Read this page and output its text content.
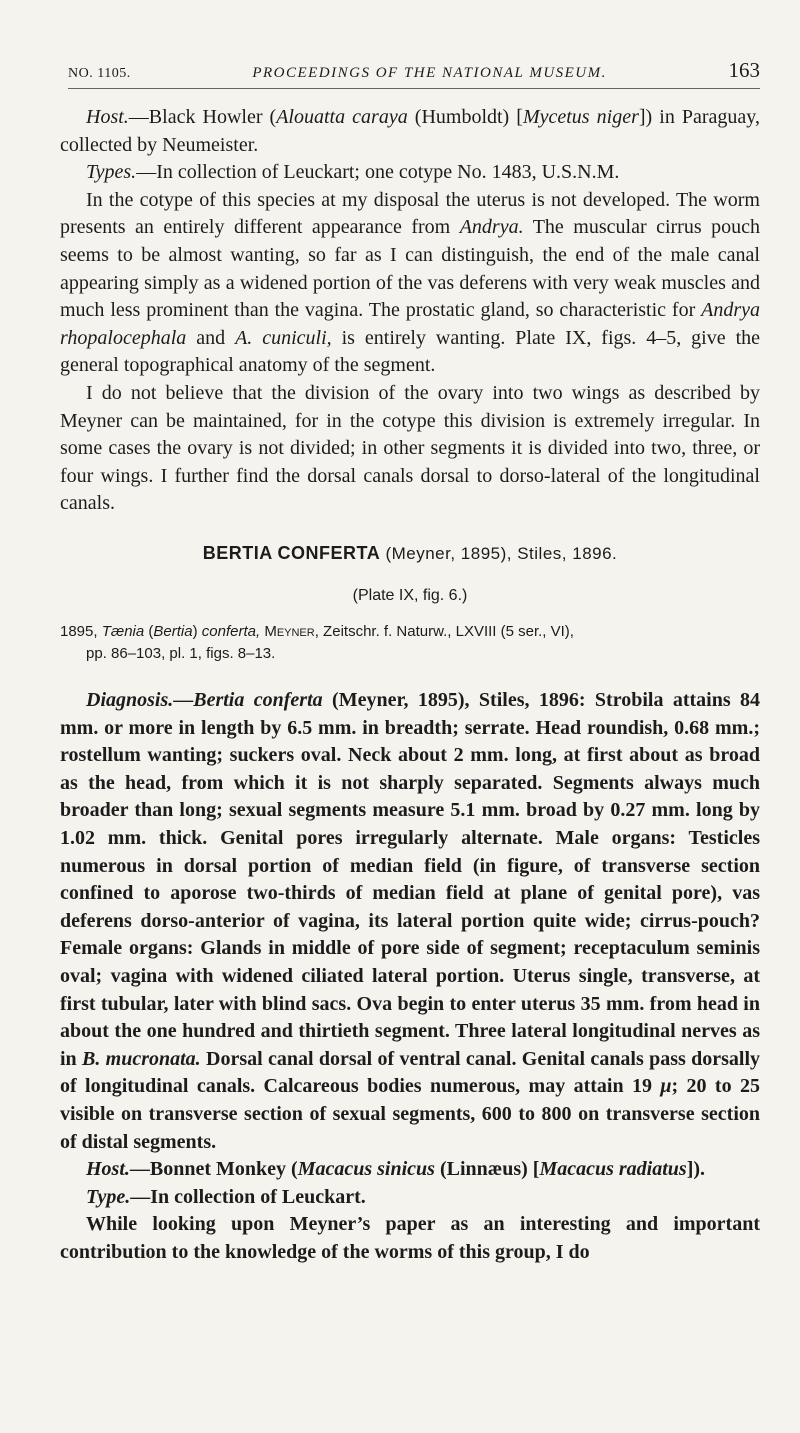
NO. 1105.	PROCEEDINGS OF THE NATIONAL MUSEUM.	163

Host.—Black Howler (Alouatta caraya (Humboldt) [Mycetus niger]) in Paraguay, collected by Neumeister.

Types.—In collection of Leuckart; one cotype No. 1483, U.S.N.M.

In the cotype of this species at my disposal the uterus is not developed. The worm presents an entirely different appearance from Andrya. The muscular cirrus pouch seems to be almost wanting, so far as I can distinguish, the end of the male canal appearing simply as a widened portion of the vas deferens with very weak muscles and much less prominent than the vagina. The prostatic gland, so characteristic for Andrya rhopalocephala and A. cuniculi, is entirely wanting. Plate IX, figs. 4–5, give the general topographical anatomy of the segment.

I do not believe that the division of the ovary into two wings as described by Meyner can be maintained, for in the cotype this division is extremely irregular. In some cases the ovary is not divided; in other segments it is divided into two, three, or four wings. I further find the dorsal canals dorsal to dorso-lateral of the longitudinal canals.

BERTIA CONFERTA (Meyner, 1895), Stiles, 1896.
(Plate IX, fig. 6.)
1895, Tænia (Bertia) conferta, Meyner, Zeitschr. f. Naturw., LXVIII (5 ser., VI),
pp. 86–103, pl. 1, figs. 8–13.

Diagnosis.—Bertia conferta (Meyner, 1895), Stiles, 1896: Strobila attains 84 mm. or more in length by 6.5 mm. in breadth; serrate. Head roundish, 0.68 mm.; rostellum wanting; suckers oval. Neck about 2 mm. long, at first about as broad as the head, from which it is not sharply separated. Segments always much broader than long; sexual segments measure 5.1 mm. broad by 0.27 mm. long by 1.02 mm. thick. Genital pores irregularly alternate. Male organs: Testicles numerous in dorsal portion of median field (in figure, of transverse section confined to aporose two-thirds of median field at plane of genital pore), vas deferens dorso-anterior of vagina, its lateral portion quite wide; cirrus-pouch? Female organs: Glands in middle of pore side of segment; receptaculum seminis oval; vagina with widened ciliated lateral portion. Uterus single, transverse, at first tubular, later with blind sacs. Ova begin to enter uterus 35 mm. from head in about the one hundred and thirtieth segment. Three lateral longitudinal nerves as in B. mucronata. Dorsal canal dorsal of ventral canal. Genital canals pass dorsally of longitudinal canals. Calcareous bodies numerous, may attain 19 μ; 20 to 25 visible on transverse section of sexual segments, 600 to 800 on transverse section of distal segments.

Host.—Bonnet Monkey (Macacus sinicus (Linnæus) [Macacus radiatus]).

Type.—In collection of Leuckart.

While looking upon Meyner’s paper as an interesting and important contribution to the knowledge of the worms of this group, I do
